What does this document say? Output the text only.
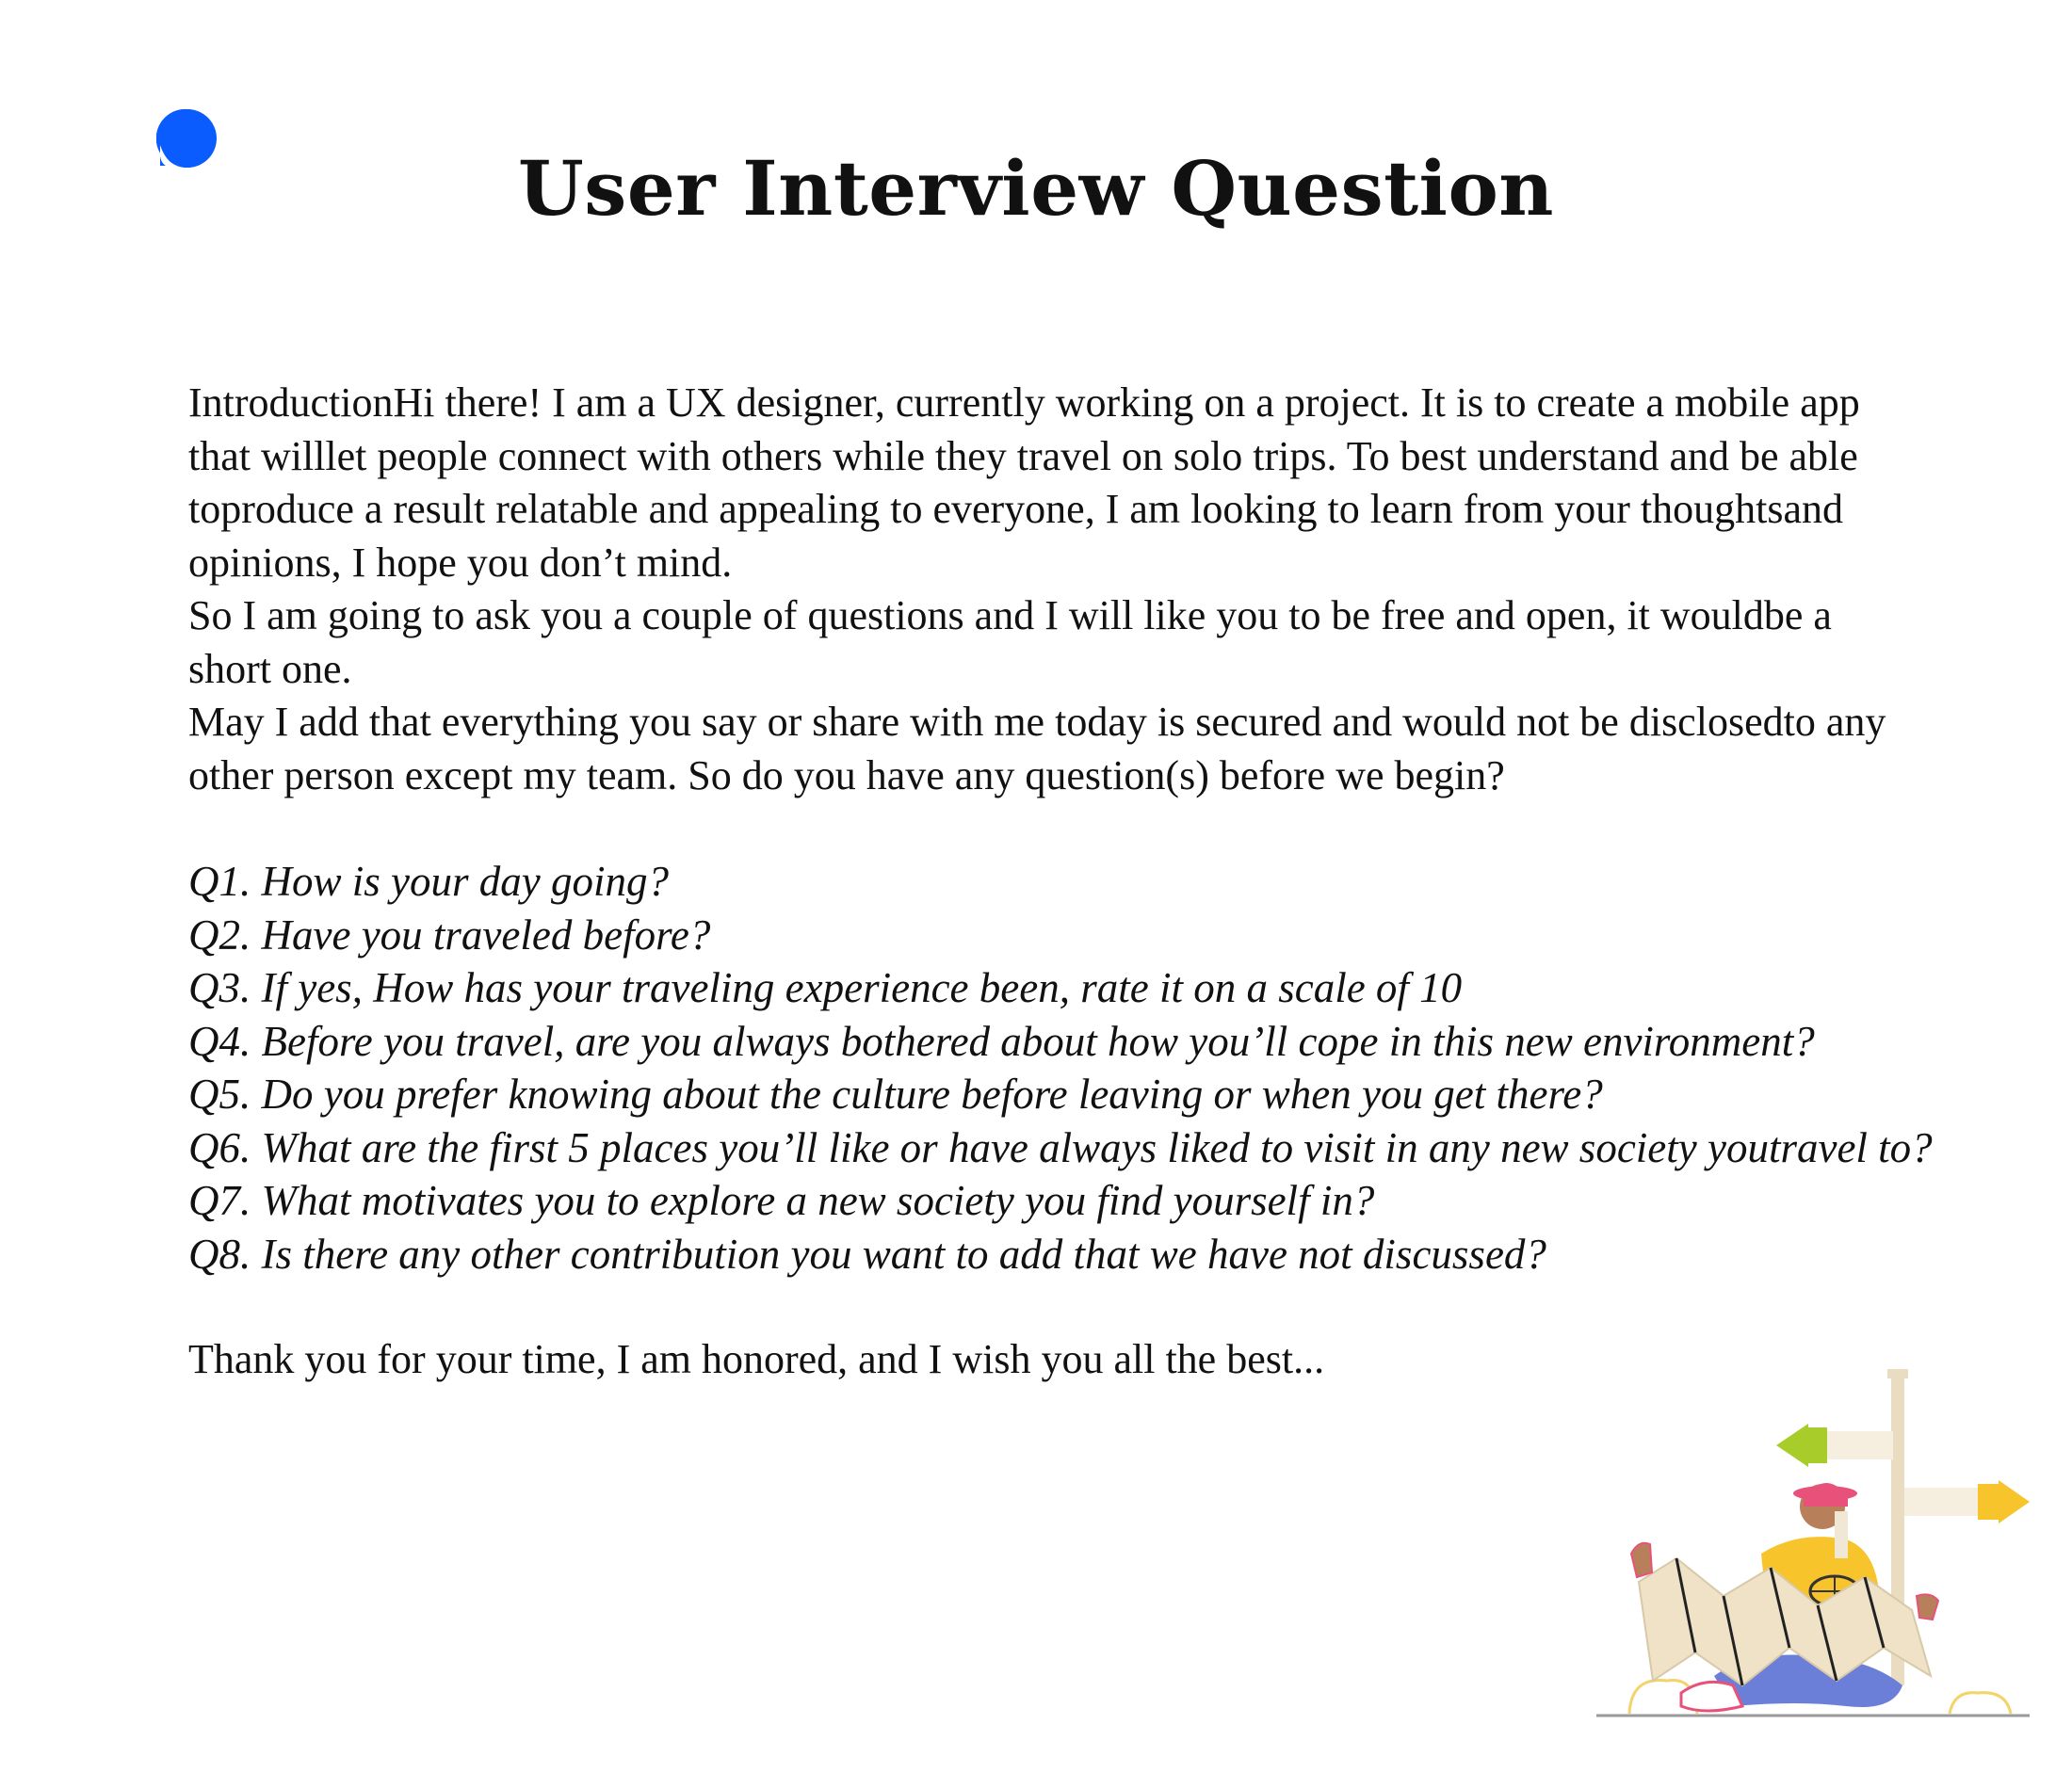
User Interview Question

IntroductionHi there! I am a UX designer, currently working on a project. It is to create a mobile app that willlet people connect with others while they travel on solo trips. To best understand and be able toproduce a result relatable and appealing to everyone, I am looking to learn from your thoughtsand opinions, I hope you don’t mind.

So I am going to ask you a couple of questions and I will like you to be free and open, it wouldbe a short one.

May I add that everything you say or share with me today is secured and would not be disclosedto any other person except my team. So do you have any question(s) before we begin?

Q1. How is your day going?
Q2. Have you traveled before?
Q3. If yes, How has your traveling experience been, rate it on a scale of 10
Q4. Before you travel, are you always bothered about how you’ll cope in this new environment?
Q5. Do you prefer knowing about the culture before leaving or when you get there?
Q6. What are the first 5 places you’ll like or have always liked to visit in any new society youtravel to?
Q7. What motivates you to explore a new society you find yourself in?
Q8. Is there any other contribution you want to add that we have not discussed?

Thank you for your time, I am honored, and I wish you all the best...
